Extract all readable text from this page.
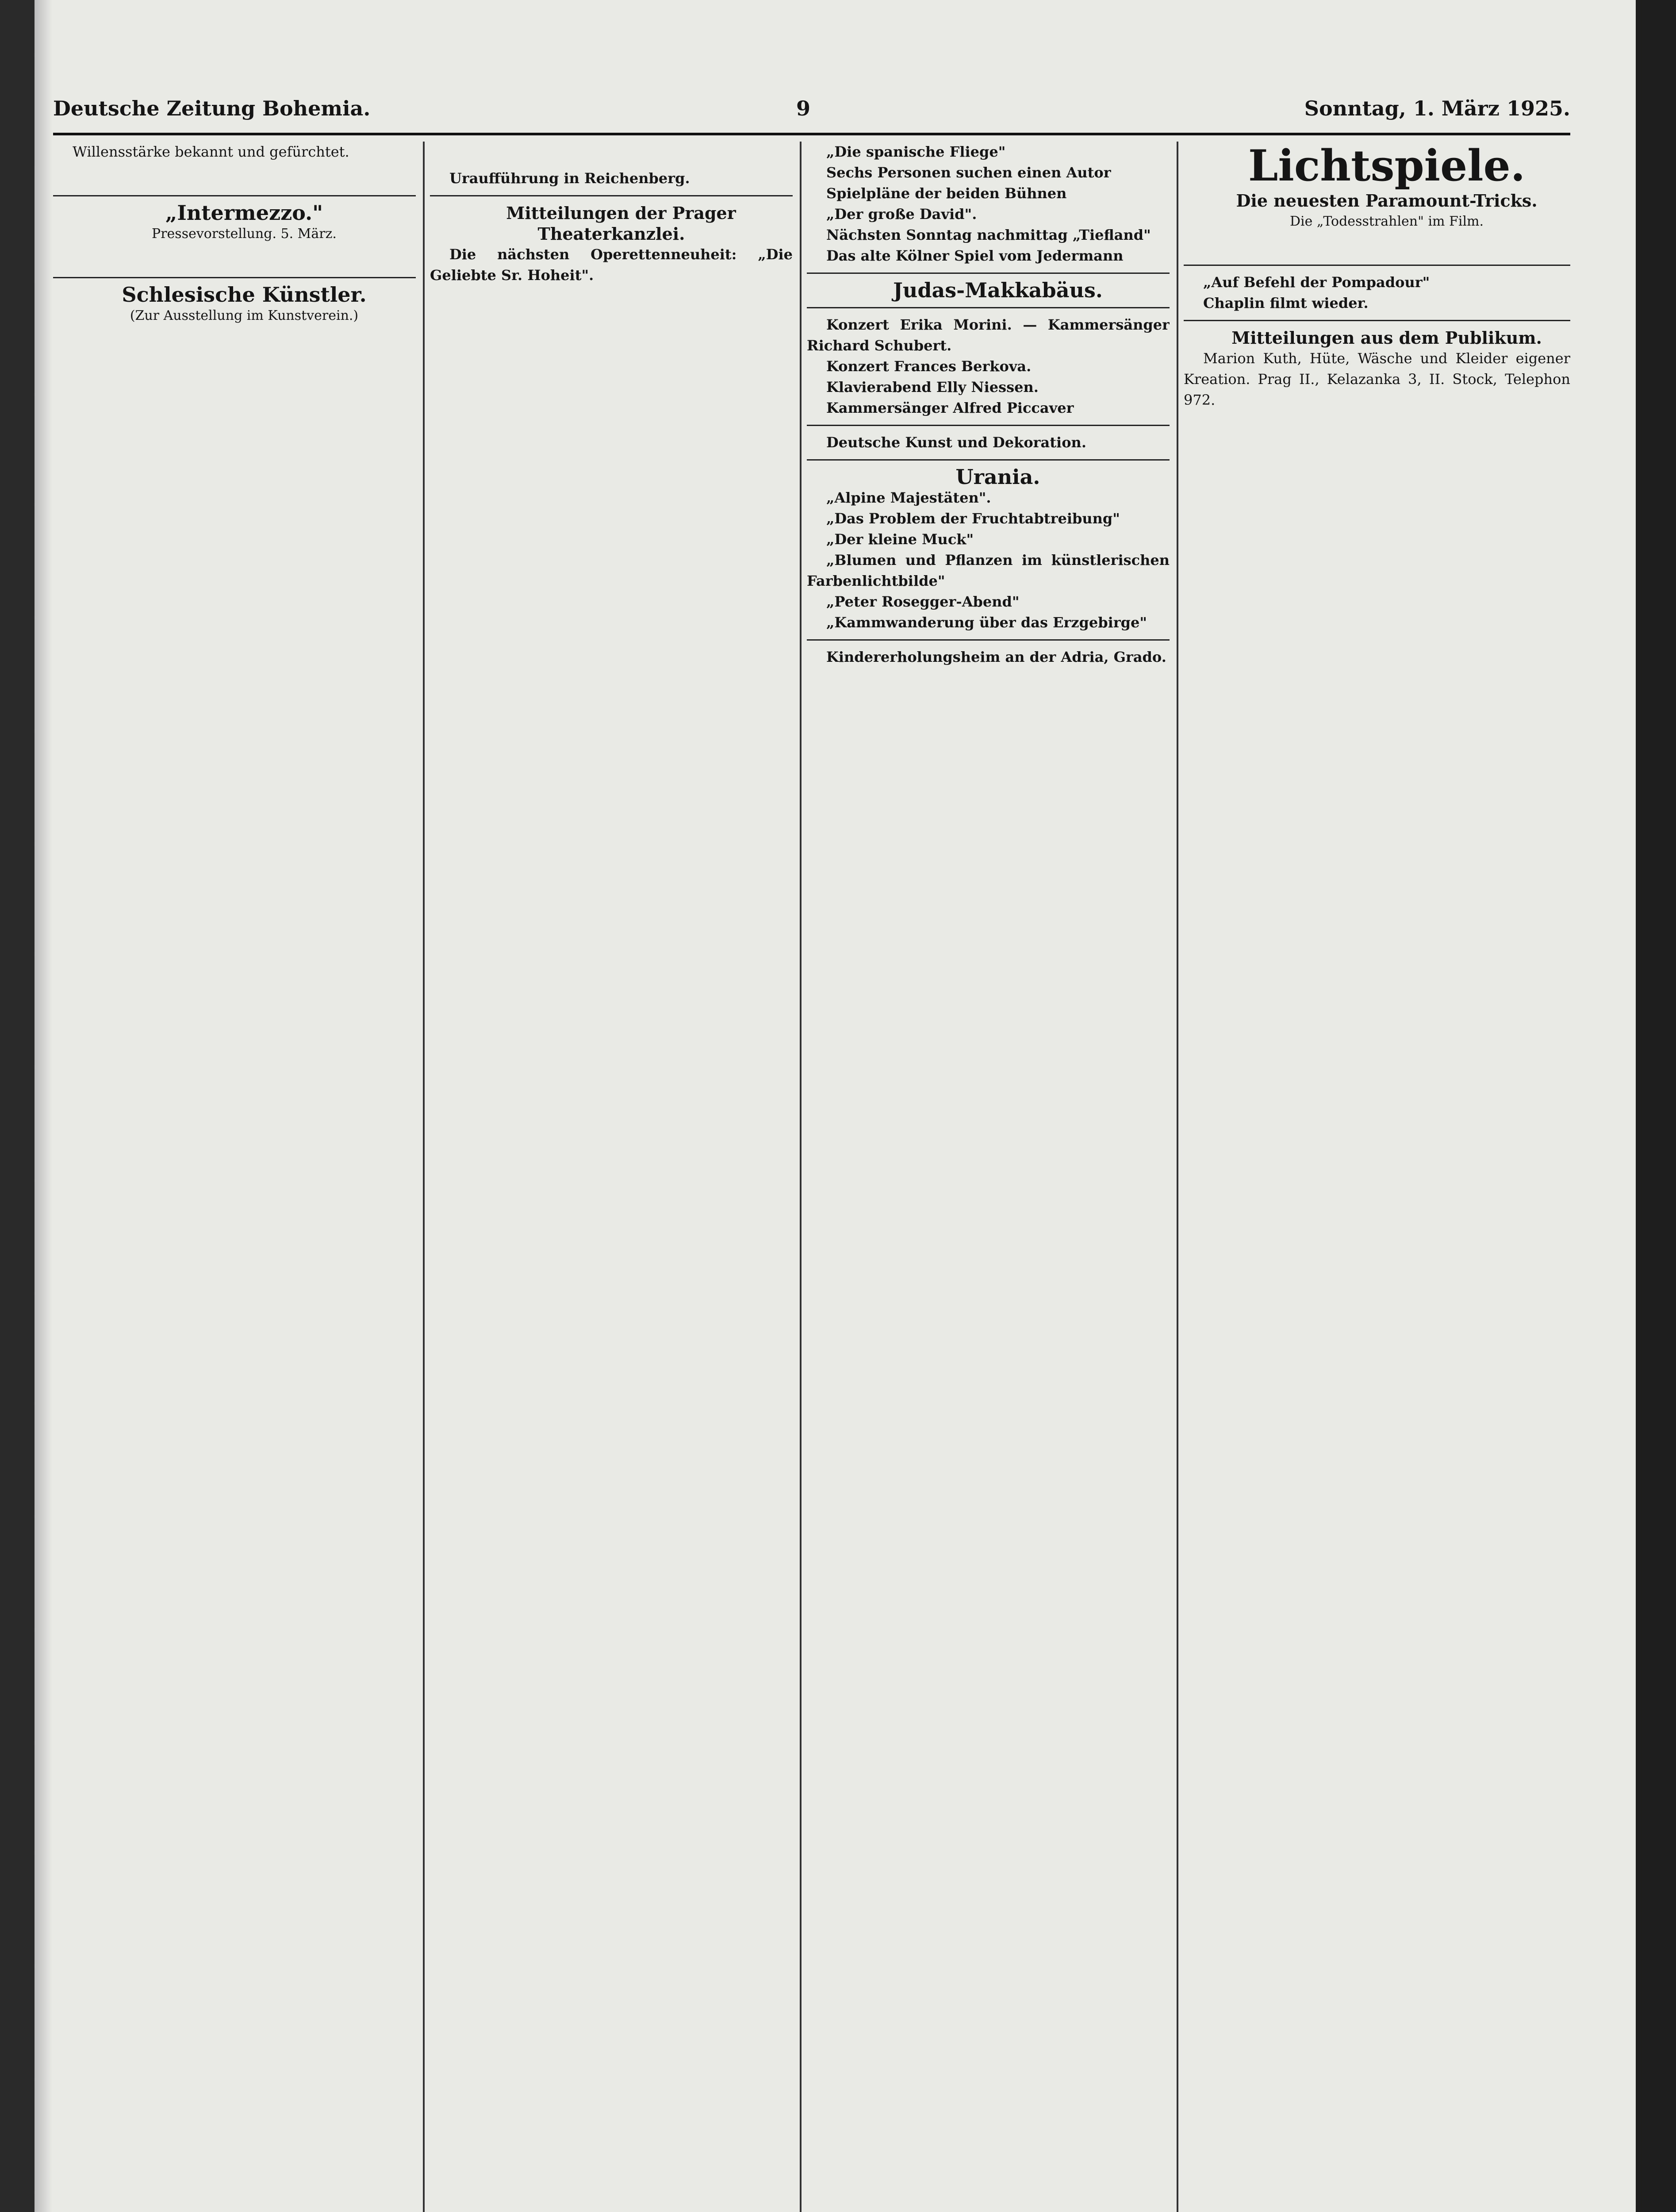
Deutsche Zeitung Bohemia.	9	Sonntag, 1. März 1925.

Willensstärke bekannt und gefürchtet.

„Intermezzo."

Pressevorstellung. 5. März.

Schlesische Künstler.

(Zur Ausstellung im Kunstverein.)

Uraufführung in Reichenberg.

Mitteilungen der Prager Theaterkanzlei.

Die nächsten Operettenneuheit: „Die Geliebte Sr. Hoheit".

„Die spanische Fliege"

Sechs Personen suchen einen Autor

Spielpläne der beiden Bühnen

„Der große David".

Nächsten Sonntag nachmittag „Tiefland"

Das alte Kölner Spiel vom Jedermann

Judas-Makkabäus.

Konzert Erika Morini. — Kammersänger Richard Schubert.

Konzert Frances Berkova.

Klavierabend Elly Niessen.

Kammersänger Alfred Piccaver

Deutsche Kunst und Dekoration.

Urania.

„Alpine Majestäten".

„Das Problem der Fruchtabtreibung"

„Der kleine Muck"

„Blumen und Pflanzen im künstlerischen Farbenlichtbilde"

„Peter Rosegger-Abend"

„Kammwanderung über das Erzgebirge"

Kindererholungsheim an der Adria, Grado.

Lichtspiele.

Die neuesten Paramount-Tricks.

Die „Todesstrahlen" im Film.

„Auf Befehl der Pompadour"

Chaplin filmt wieder.

Mitteilungen aus dem Publikum.

Marion Kuth, Hüte, Wäsche und Kleider eigener Kreation. Prag II., Kelazanka 3, II. Stock, Telephon 972.
